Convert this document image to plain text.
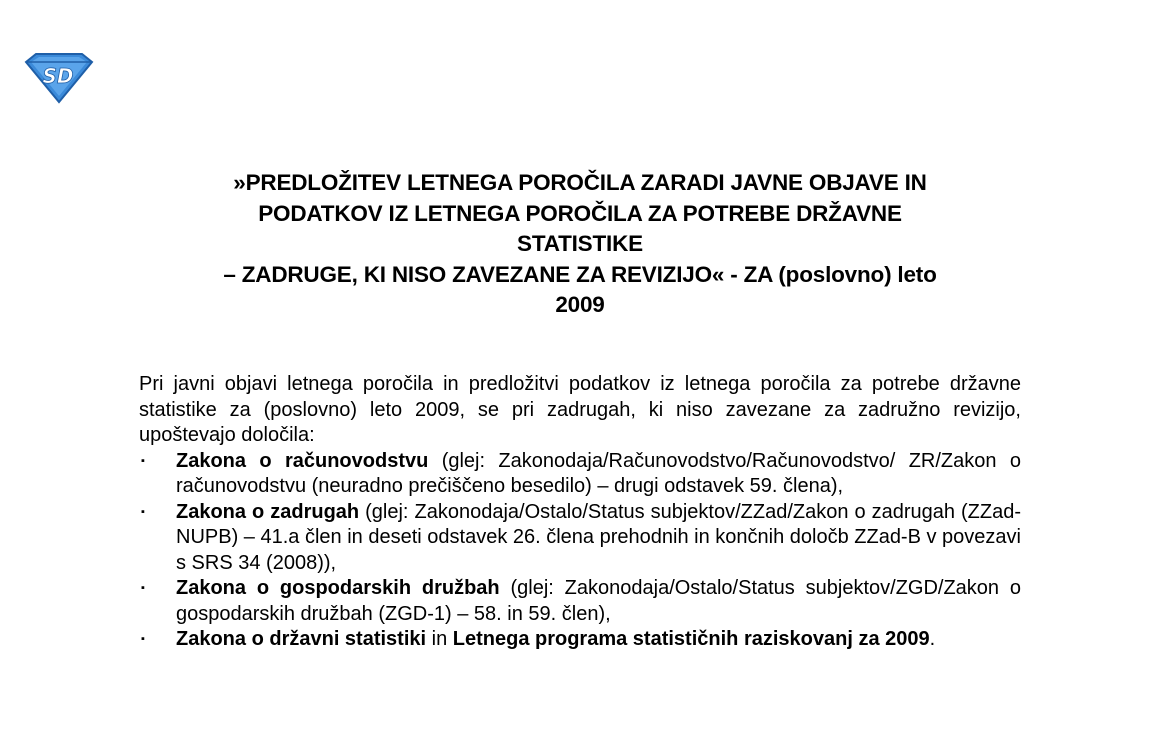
SD
»PREDLOŽITEV LETNEGA POROČILA ZARADI JAVNE OBJAVE IN
PODATKOV IZ LETNEGA POROČILA ZA POTREBE DRŽAVNE
STATISTIKE
– ZADRUGE, KI NISO ZAVEZANE ZA REVIZIJO« - ZA (poslovno) leto
2009

Pri javni objavi letnega poročila in predložitvi podatkov iz letnega poročila za potrebe državne statistike za (poslovno) leto 2009, se pri zadrugah, ki niso zavezane za zadružno revizijo, upoštevajo določila:

▪ Zakona o računovodstvu (glej: Zakonodaja/Računovodstvo/Računovodstvo/ ZR/Zakon o računovodstvu (neuradno prečiščeno besedilo) – drugi odstavek 59. člena),
▪ Zakona o zadrugah (glej: Zakonodaja/Ostalo/Status subjektov/ZZad/Zakon o zadrugah (ZZad-NUPB) – 41.a člen in deseti odstavek 26. člena prehodnih in končnih določb ZZad-B v povezavi s SRS 34 (2008)),
▪ Zakona o gospodarskih družbah (glej: Zakonodaja/Ostalo/Status subjektov/ZGD/Zakon o gospodarskih družbah (ZGD-1) – 58. in 59. člen),
▪ Zakona o državni statistiki in Letnega programa statističnih raziskovanj za 2009.
